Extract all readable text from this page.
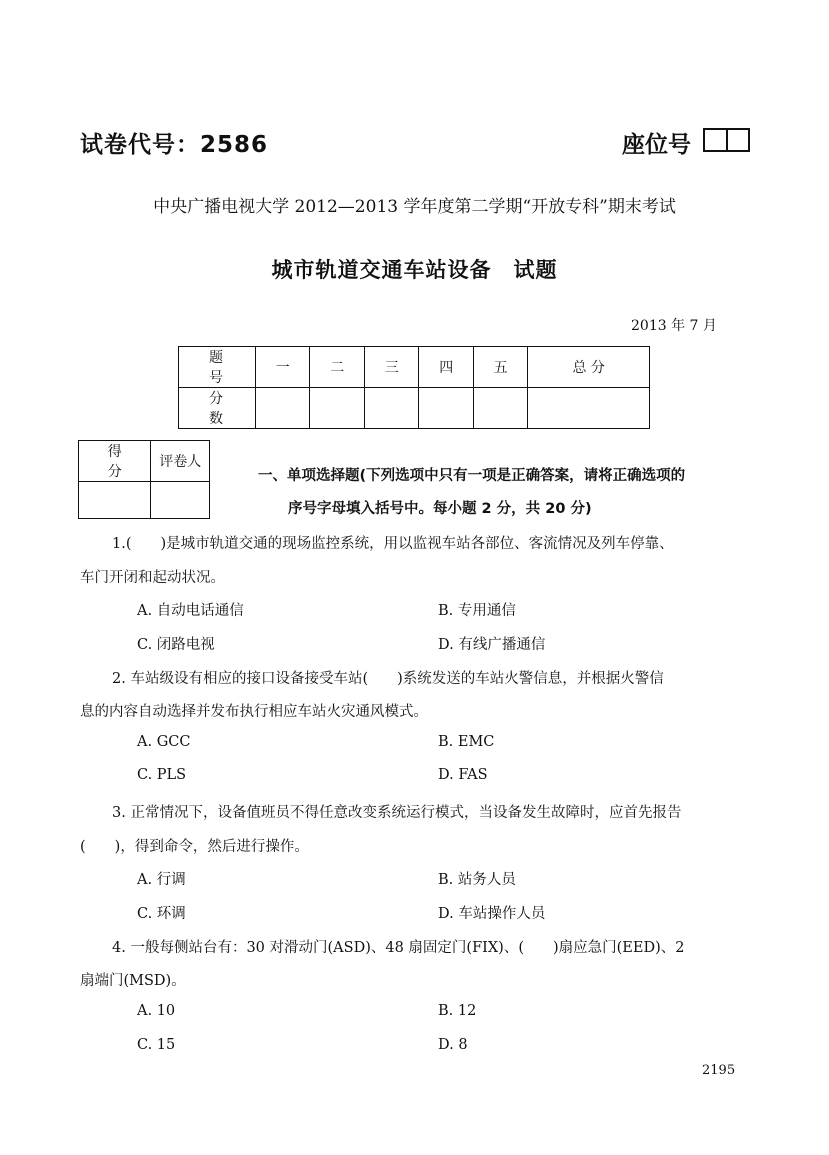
试卷代号：2586	座位号
中央广播电视大学 2012—2013 学年度第二学期“开放专科”期末考试
城市轨道交通车站设备　试题
2013 年 7 月
题 号	一	二	三	四	五	总 分
分 数						
得 分	评卷人

一、单项选择题(下列选项中只有一项是正确答案，请将正确选项的
序号字母填入括号中。每小题 2 分，共 20 分)
1.(　　)是城市轨道交通的现场监控系统，用以监视车站各部位、客流情况及列车停靠、
车门开闭和起动状况。
A. 自动电话通信	B. 专用通信
C. 闭路电视	D. 有线广播通信
2. 车站级设有相应的接口设备接受车站(　　)系统发送的车站火警信息，并根据火警信
息的内容自动选择并发布执行相应车站火灾通风模式。
A. GCC	B. EMC
C. PLS	D. FAS
3. 正常情况下，设备值班员不得任意改变系统运行模式，当设备发生故障时，应首先报告
(　　)，得到命令，然后进行操作。
A. 行调	B. 站务人员
C. 环调	D. 车站操作人员
4. 一般每侧站台有：30 对滑动门(ASD)、48 扇固定门(FIX)、(　　)扇应急门(EED)、2
扇端门(MSD)。
A. 10	B. 12
C. 15	D. 8
2195
